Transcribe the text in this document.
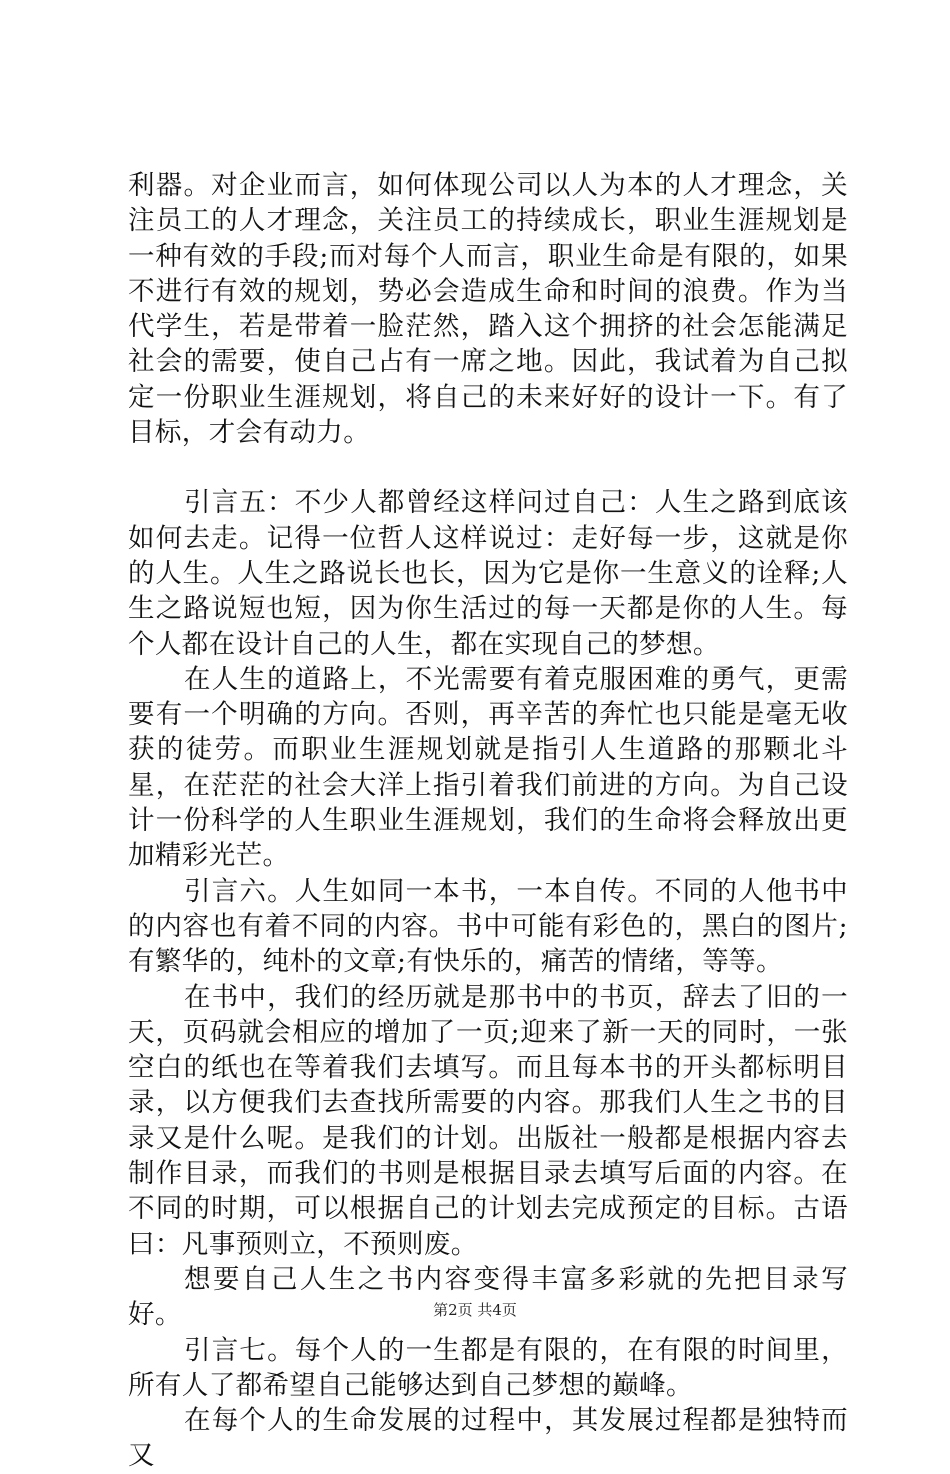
利器。对企业而言，如何体现公司以人为本的人才理念，关注员工的人才理念，关注员工的持续成长，职业生涯规划是一种有效的手段;而对每个人而言，职业生命是有限的，如果不进行有效的规划，势必会造成生命和时间的浪费。作为当代学生，若是带着一脸茫然，踏入这个拥挤的社会怎能满足社会的需要，使自己占有一席之地。因此，我试着为自己拟定一份职业生涯规划，将自己的未来好好的设计一下。有了目标，才会有动力。

引言五：不少人都曾经这样问过自己：人生之路到底该如何去走。记得一位哲人这样说过：走好每一步，这就是你的人生。人生之路说长也长，因为它是你一生意义的诠释;人生之路说短也短，因为你生活过的每一天都是你的人生。每个人都在设计自己的人生，都在实现自己的梦想。

在人生的道路上，不光需要有着克服困难的勇气，更需要有一个明确的方向。否则，再辛苦的奔忙也只能是毫无收获的徒劳。而职业生涯规划就是指引人生道路的那颗北斗星，在茫茫的社会大洋上指引着我们前进的方向。为自己设计一份科学的人生职业生涯规划，我们的生命将会释放出更加精彩光芒。

引言六。人生如同一本书，一本自传。不同的人他书中的内容也有着不同的内容。书中可能有彩色的，黑白的图片;有繁华的，纯朴的文章;有快乐的，痛苦的情绪，等等。

在书中，我们的经历就是那书中的书页，辞去了旧的一天，页码就会相应的增加了一页;迎来了新一天的同时，一张空白的纸也在等着我们去填写。而且每本书的开头都标明目录，以方便我们去查找所需要的内容。那我们人生之书的目录又是什么呢。是我们的计划。出版社一般都是根据内容去制作目录，而我们的书则是根据目录去填写后面的内容。在不同的时期，可以根据自己的计划去完成预定的目标。古语曰：凡事预则立，不预则废。

想要自己人生之书内容变得丰富多彩就的先把目录写好。

引言七。每个人的一生都是有限的，在有限的时间里，所有人了都希望自己能够达到自己梦想的巅峰。

在每个人的生命发展的过程中，其发展过程都是独特而又

第2页 共4页
